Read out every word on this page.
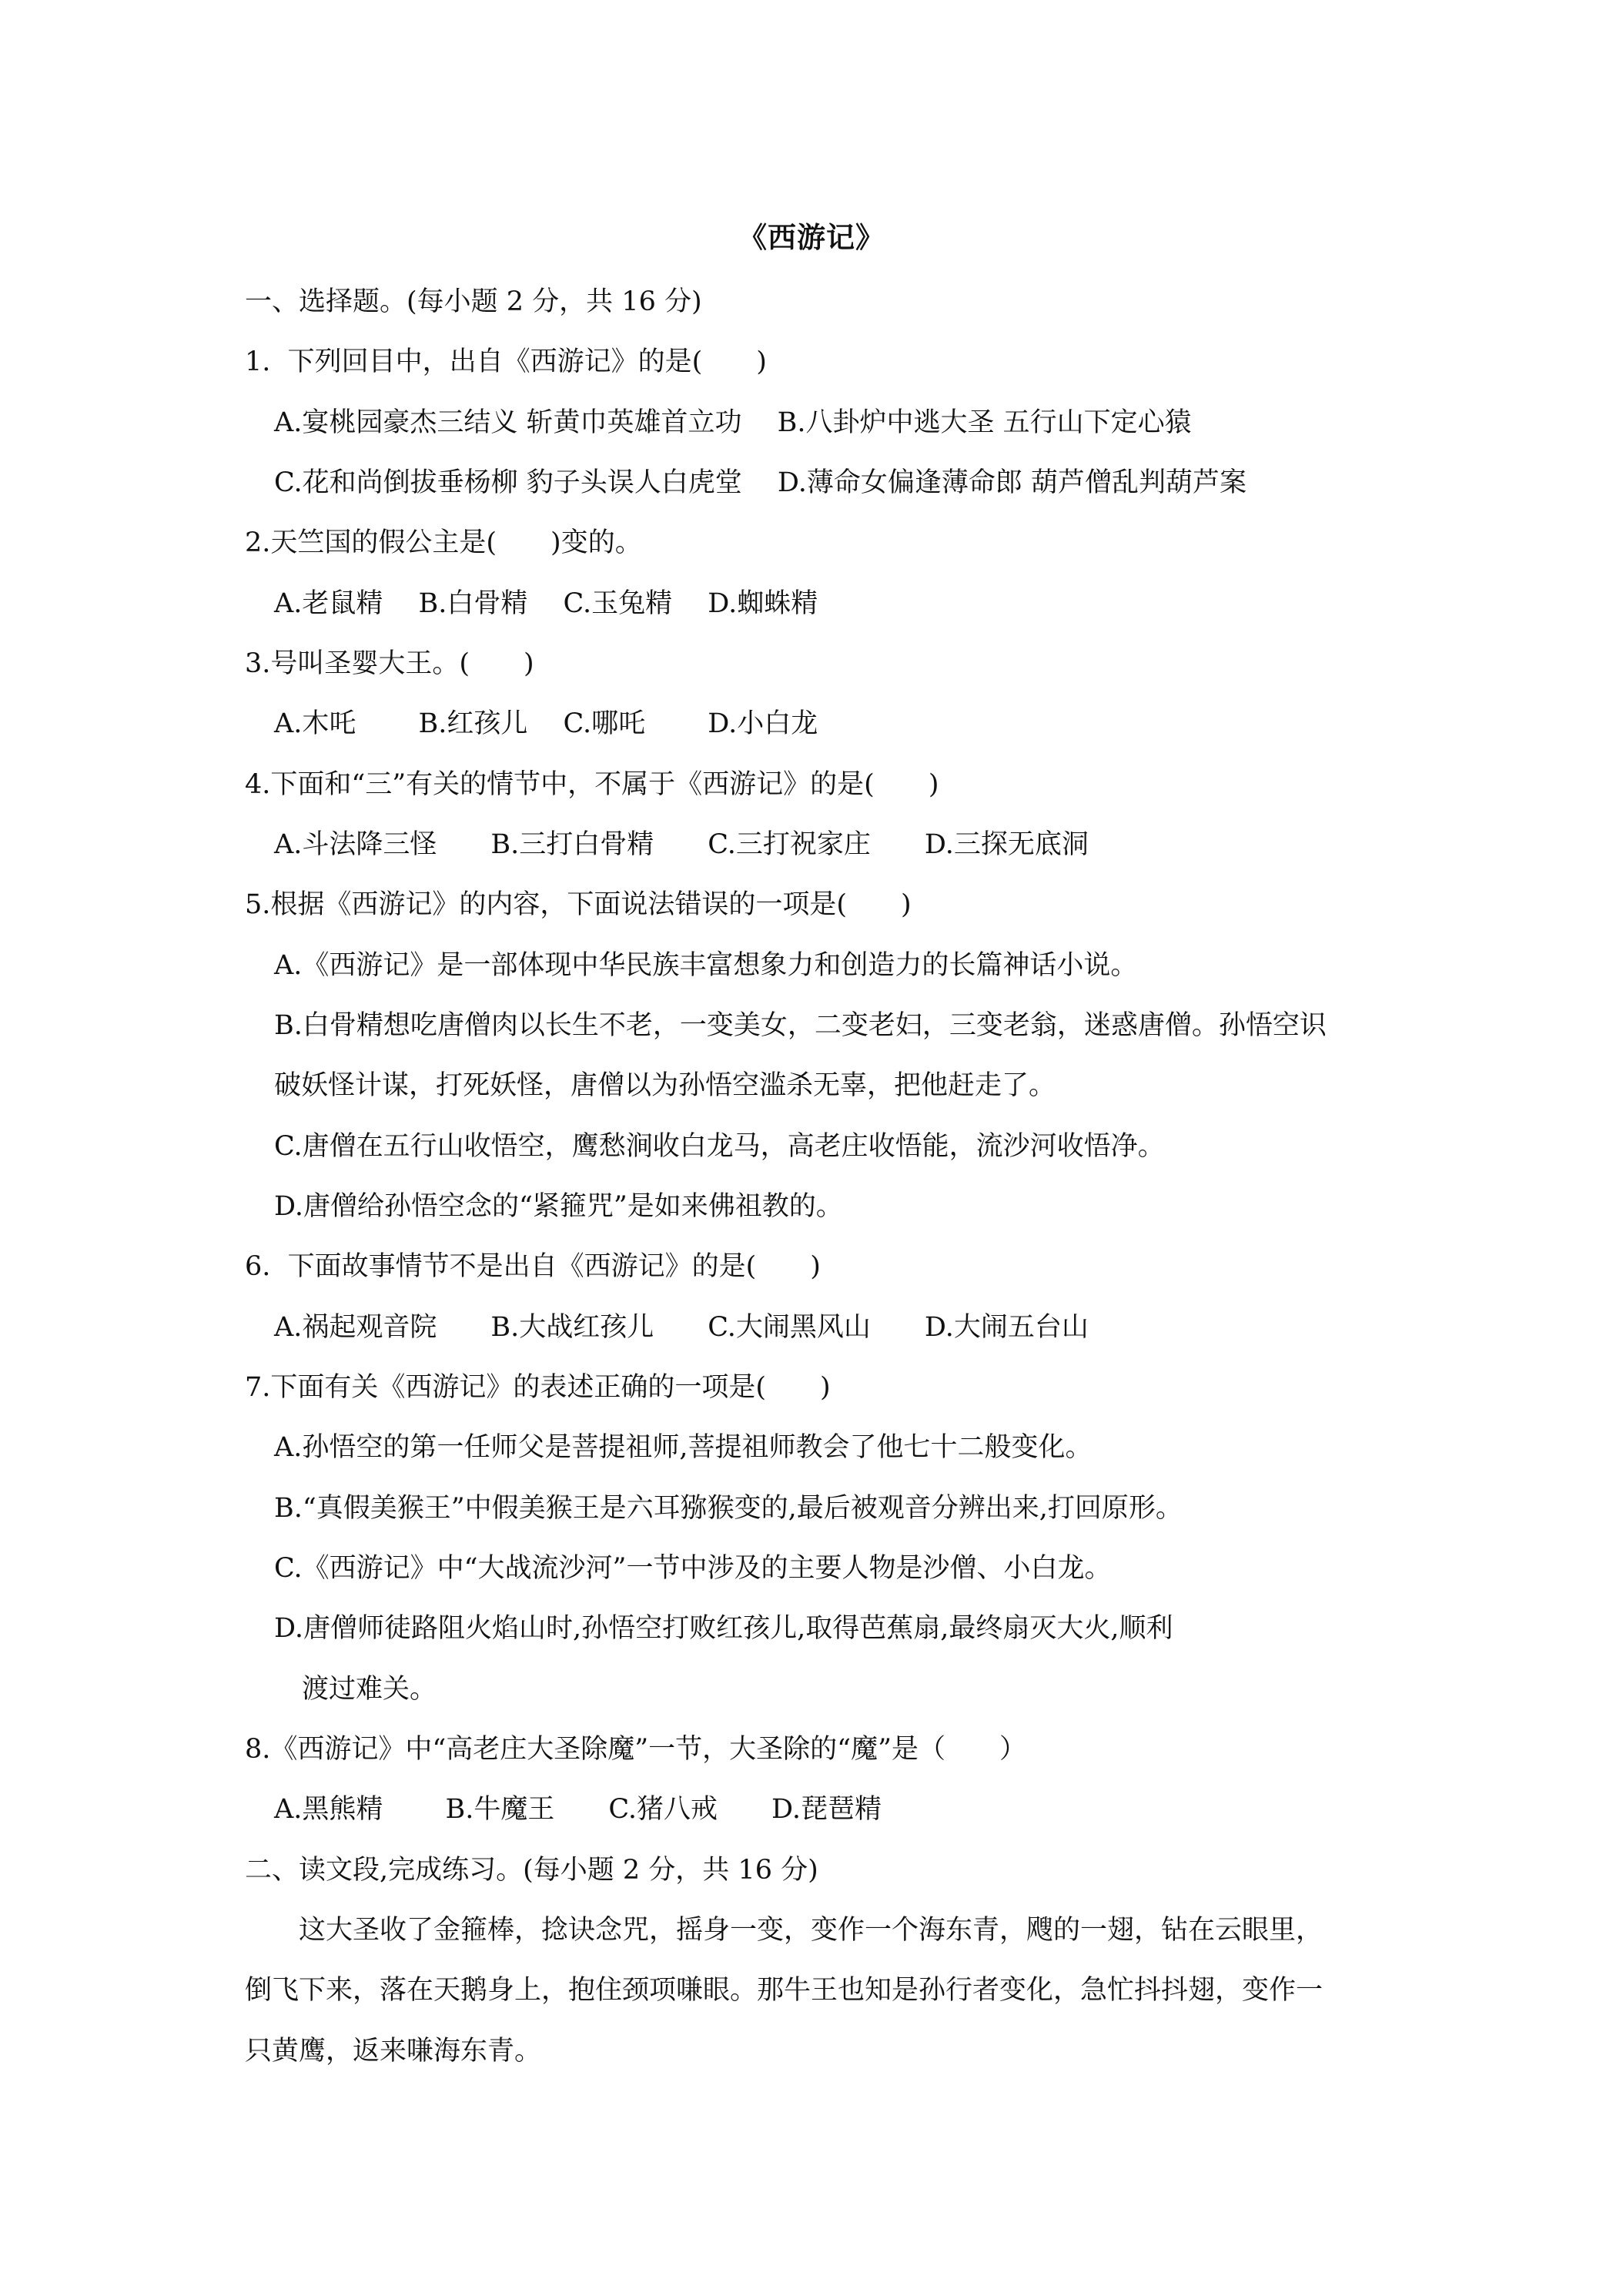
《西游记》
一、选择题。(每小题 2 分，共 16 分)
1.  下列回目中，出自《西游记》的是(　　)
A.宴桃园豪杰三结义 斩黄巾英雄首立功　 B.八卦炉中逃大圣 五行山下定心猿
C.花和尚倒拔垂杨柳 豹子头误人白虎堂　 D.薄命女偏逢薄命郎 葫芦僧乱判葫芦案
2.天竺国的假公主是(　　)变的。
A.老鼠精　 B.白骨精　 C.玉兔精　 D.蜘蛛精
3.号叫圣婴大王。(　　)
A.木吒　　 B.红孩儿　 C.哪吒　　 D.小白龙
4.下面和“三”有关的情节中，不属于《西游记》的是(　　)
A.斗法降三怪　　B.三打白骨精　　C.三打祝家庄　　D.三探无底洞
5.根据《西游记》的内容，下面说法错误的一项是(　　)
A.《西游记》是一部体现中华民族丰富想象力和创造力的长篇神话小说。
B.白骨精想吃唐僧肉以长生不老，一变美女，二变老妇，三变老翁，迷惑唐僧。孙悟空识
破妖怪计谋，打死妖怪，唐僧以为孙悟空滥杀无辜，把他赶走了。
C.唐僧在五行山收悟空，鹰愁涧收白龙马，高老庄收悟能，流沙河收悟净。
D.唐僧给孙悟空念的“紧箍咒”是如来佛祖教的。
6.  下面故事情节不是出自《西游记》的是(　　)
A.祸起观音院　　B.大战红孩儿　　C.大闹黑风山　　D.大闹五台山
7.下面有关《西游记》的表述正确的一项是(　　)
A.孙悟空的第一任师父是菩提祖师,菩提祖师教会了他七十二般变化。
B.“真假美猴王”中假美猴王是六耳猕猴变的,最后被观音分辨出来,打回原形。
C.《西游记》中“大战流沙河”一节中涉及的主要人物是沙僧、小白龙。
D.唐僧师徒路阻火焰山时,孙悟空打败红孩儿,取得芭蕉扇,最终扇灭大火,顺利
渡过难关。
8.《西游记》中“高老庄大圣除魔”一节，大圣除的“魔”是（　　）
A.黑熊精　　 B.牛魔王　　C.猪八戒　　D.琵琶精
二、读文段,完成练习。(每小题 2 分，共 16 分)
　　这大圣收了金箍棒，捻诀念咒，摇身一变，变作一个海东青，飕的一翅，钻在云眼里，
倒飞下来，落在天鹅身上，抱住颈项嗛眼。那牛王也知是孙行者变化，急忙抖抖翅，变作一
只黄鹰，返来嗛海东青。
